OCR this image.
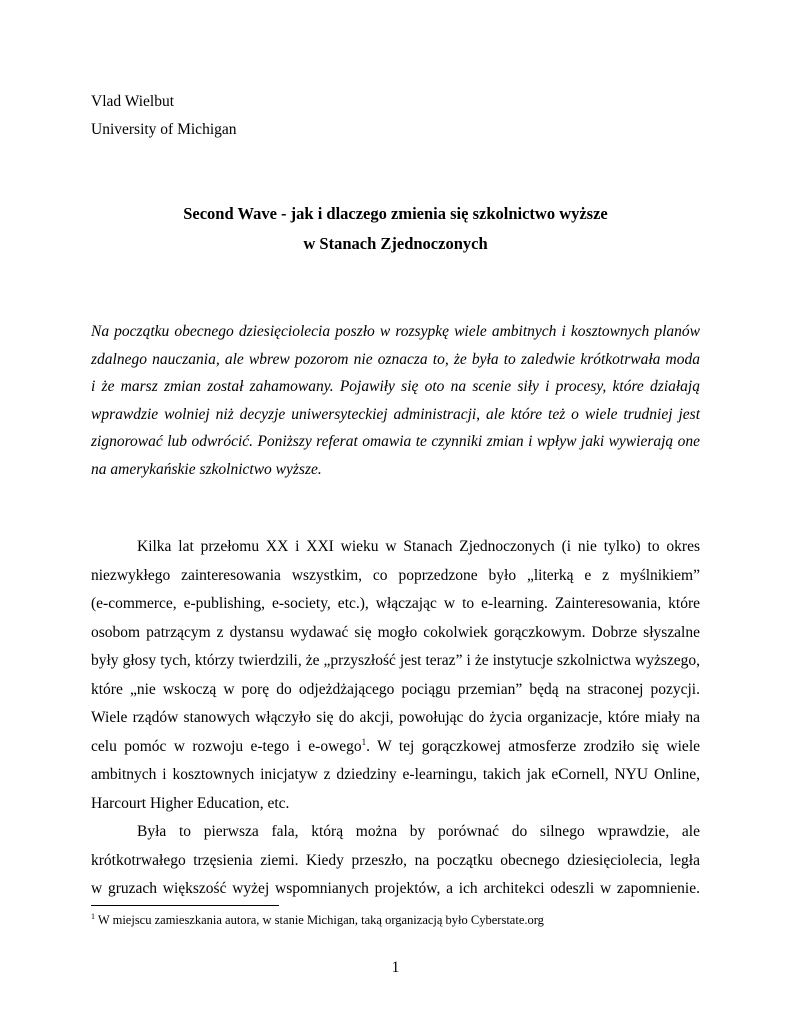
Vlad Wielbut
University of Michigan
Second Wave - jak i dlaczego zmienia się szkolnictwo wyższe
w Stanach Zjednoczonych
Na początku obecnego dziesięciolecia poszło w rozsypkę wiele ambitnych i kosztownych planów
zdalnego nauczania, ale wbrew pozorom nie oznacza to, że była to zaledwie krótkotrwała moda
i że marsz zmian został zahamowany. Pojawiły się oto na scenie siły i procesy, które działają
wprawdzie wolniej niż decyzje uniwersyteckiej administracji, ale które też o wiele trudniej jest
zignorować lub odwrócić. Poniższy referat omawia te czynniki zmian i wpływ jaki wywierają one
na amerykańskie szkolnictwo wyższe.
Kilka lat przełomu XX i XXI wieku w Stanach Zjednoczonych (i nie tylko) to okres
niezwykłego zainteresowania wszystkim, co poprzedzone było „literką e z myślnikiem”
(e-commerce, e-publishing, e-society, etc.), włączając w to e-learning. Zainteresowania, które
osobom patrzącym z dystansu wydawać się mogło cokolwiek gorączkowym. Dobrze słyszalne
były głosy tych, którzy twierdzili, że „przyszłość jest teraz” i że instytucje szkolnictwa wyższego,
które „nie wskoczą w porę do odjeżdżającego pociągu przemian” będą na straconej pozycji.
Wiele rządów stanowych włączyło się do akcji, powołując do życia organizacje, które miały na
celu pomóc w rozwoju e-tego i e-owego$^1$. W tej gorączkowej atmosferze zrodziło się wiele
ambitnych i kosztownych inicjatyw z dziedziny e-learningu, takich jak eCornell, NYU Online,
Harcourt Higher Education, etc.
Była to pierwsza fala, którą można by porównać do silnego wprawdzie, ale
krótkotrwałego trzęsienia ziemi. Kiedy przeszło, na początku obecnego dziesięciolecia, legła
w gruzach większość wyżej wspomnianych projektów, a ich architekci odeszli w zapomnienie.
$^1$ W miejscu zamieszkania autora, w stanie Michigan, taką organizacją było Cyberstate.org
1
